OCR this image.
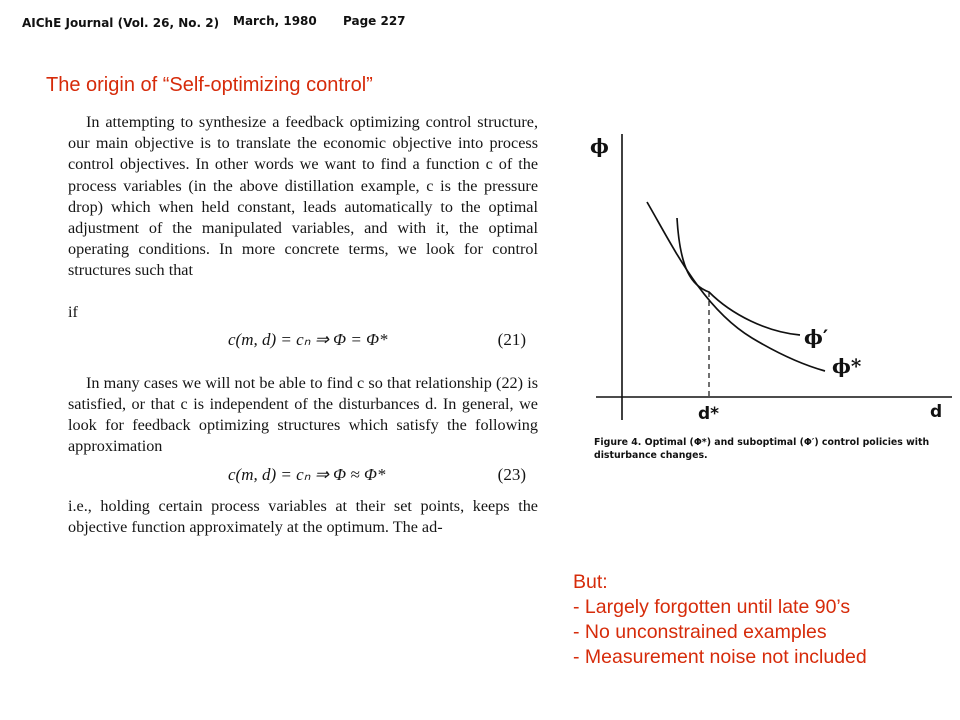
AIChE Journal (Vol. 26, No. 2) March, 1980 Page 227
The origin of “Self-optimizing control”

In attempting to synthesize a feedback optimizing control structure, our main objective is to translate the economic objective into process control objectives. In other words we want to find a function c of the process variables (in the above distillation example, c is the pressure drop) which when held constant, leads automatically to the optimal adjustment of the manipulated variables, and with it, the optimal operating conditions. In more concrete terms, we look for control structures such that

if

c(m, d) = cₙ ⇒ Φ = Φ*	(21)

In many cases we will not be able to find c so that relationship (22) is satisfied, or that c is independent of the disturbances d. In general, we look for feedback optimizing structures which satisfy the following approximation

c(m, d) = cₙ ⇒ Φ ≈ Φ*	(23)

i.e., holding certain process variables at their set points, keeps the objective function approximately at the optimum. The ad-

ϕ
d
d*
ϕ′
ϕ*
Figure 4. Optimal (Φ*) and suboptimal (Φ′) control policies with disturbance changes.
But:
- Largely forgotten until late 90’s
- No unconstrained examples
- Measurement noise not included
